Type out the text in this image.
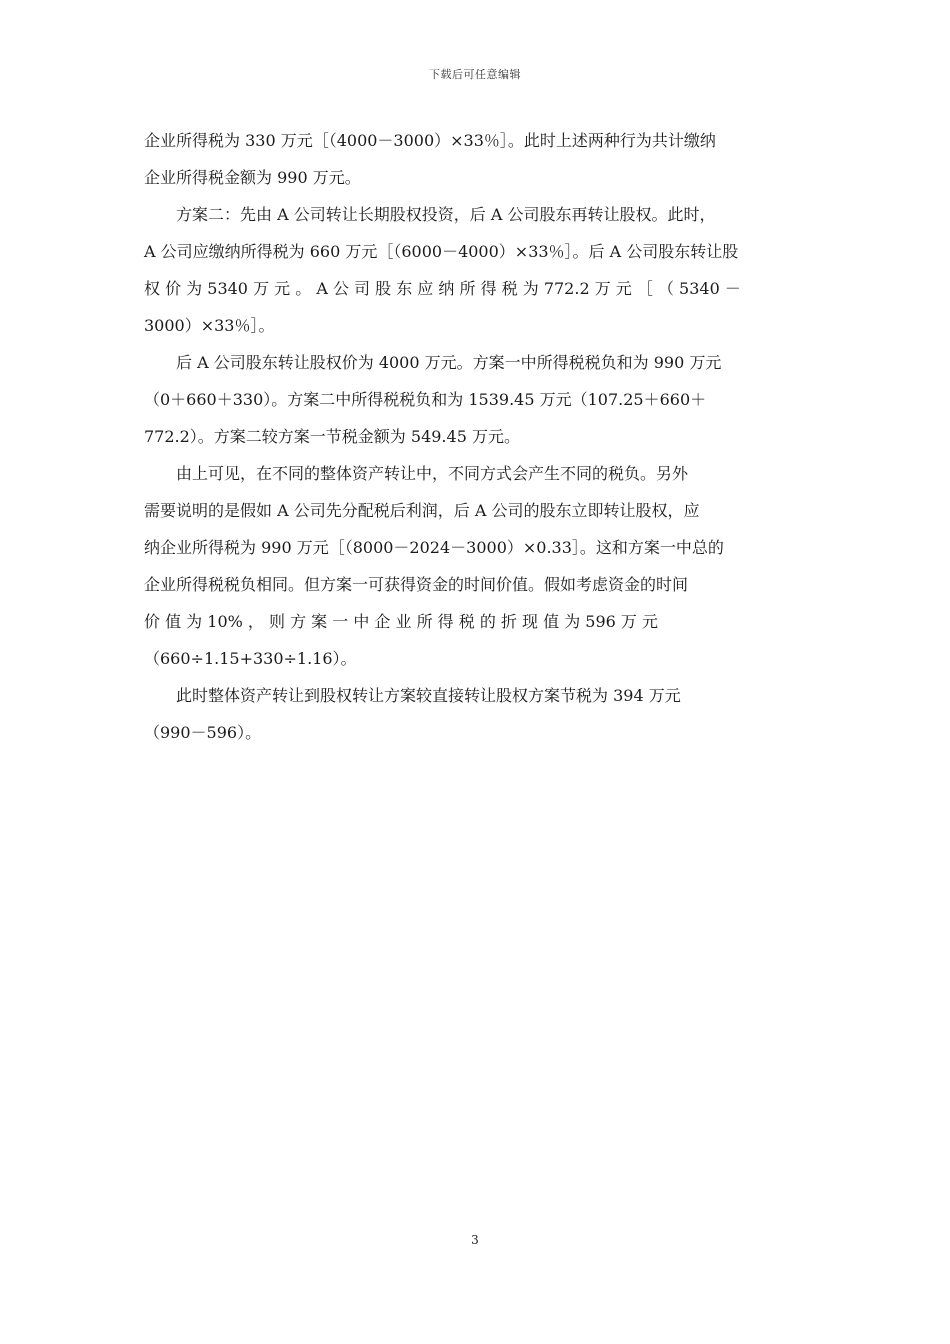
下载后可任意编辑

企业所得税为 330 万元［（4000－3000）×33％］。此时上述两种行为共计缴纳
企业所得税金额为 990 万元。

方案二：先由 A 公司转让长期股权投资，后 A 公司股东再转让股权。此时，
A 公司应缴纳所得税为 660 万元［（6000－4000）×33％］。后 A 公司股东转让股
权 价 为 5340 万 元 。 A 公 司 股 东 应 纳 所 得 税 为 772.2 万 元 ［ （ 5340 －
3000）×33％］。

后 A 公司股东转让股权价为 4000 万元。方案一中所得税税负和为 990 万元
（0＋660＋330）。方案二中所得税税负和为 1539.45 万元（107.25＋660＋
772.2）。方案二较方案一节税金额为 549.45 万元。

由上可见，在不同的整体资产转让中，不同方式会产生不同的税负。另外
需要说明的是假如 A 公司先分配税后利润，后 A 公司的股东立即转让股权，应
纳企业所得税为 990 万元［（8000－2024－3000）×0.33］。这和方案一中总的
企业所得税税负相同。但方案一可获得资金的时间价值。假如考虑资金的时间
价 值 为 10% ， 则 方 案 一 中 企 业 所 得 税 的 折 现 值 为 596 万 元
（660÷1.15+330÷1.16）。

此时整体资产转让到股权转让方案较直接转让股权方案节税为 394 万元
（990－596）。

3
